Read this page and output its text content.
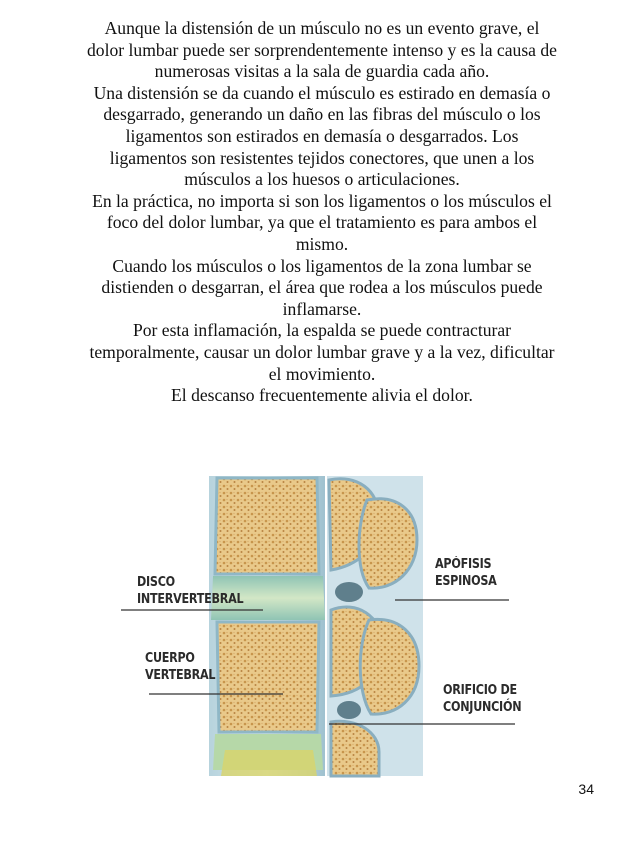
Aunque la distensión de un músculo no es un evento grave, el

dolor lumbar puede ser sorprendentemente intenso y es la causa de

numerosas visitas a la sala de guardia cada año.

Una distensión se da cuando el músculo es estirado en demasía o

desgarrado, generando un daño en las fibras del músculo o los

ligamentos son estirados en demasía o desgarrados. Los

ligamentos son resistentes tejidos conectores, que unen a los

músculos a los huesos o articulaciones.

En la práctica, no importa si son los ligamentos o los músculos el

foco del dolor lumbar, ya que el tratamiento es para ambos el

mismo.

Cuando los músculos o los ligamentos de la zona lumbar se

distienden o desgarran, el área que rodea a los músculos puede

inflamarse.

Por esta inflamación, la espalda se puede contracturar

temporalmente, causar un dolor lumbar grave y a la vez, dificultar

el movimiento.

El descanso frecuentemente alivia el dolor.

DISCO
INTERVERTEBRAL
CUERPO
VERTEBRAL
APÓFISIS
ESPINOSA
ORIFICIO DE
CONJUNCIÓN
34
